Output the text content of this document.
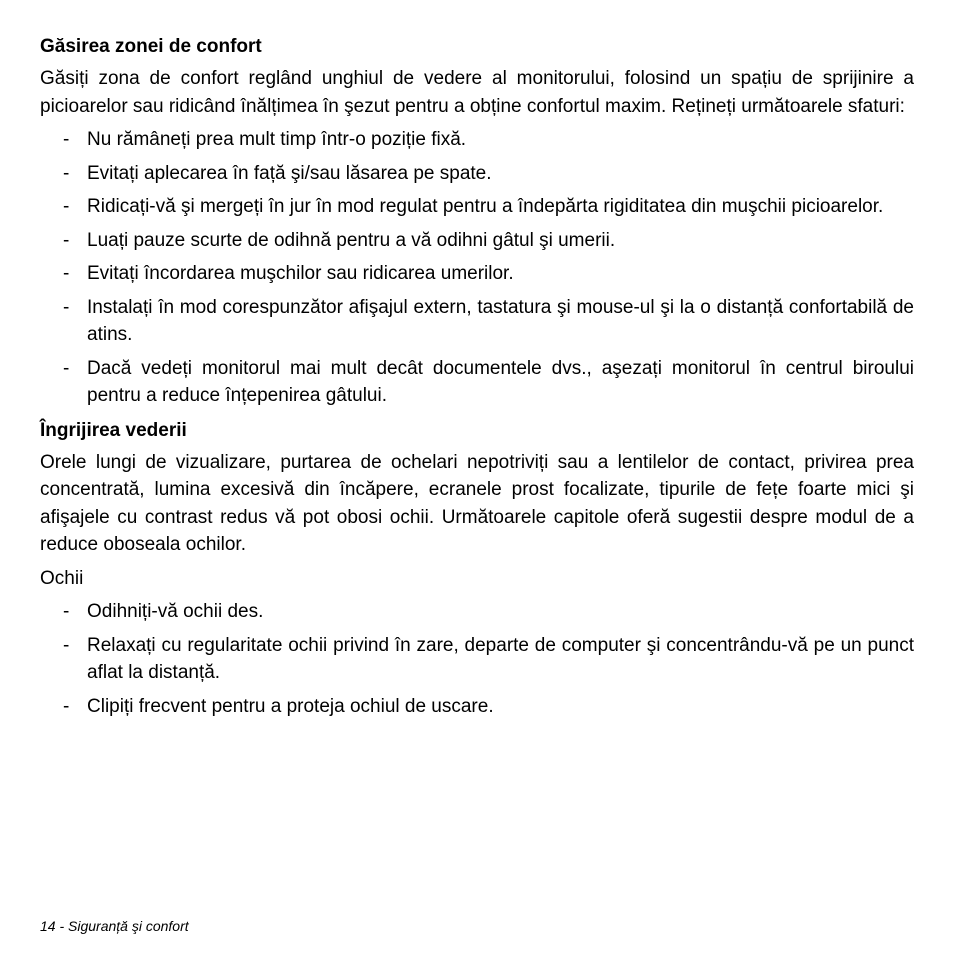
Găsirea zonei de confort

Găsiți zona de confort reglând unghiul de vedere al monitorului, folosind un spațiu de sprijinire a picioarelor sau ridicând înălțimea în şezut pentru a obține confortul maxim. Rețineți următoarele sfaturi:

- Nu rămâneți prea mult timp într-o poziție fixă.
- Evitați aplecarea în față şi/sau lăsarea pe spate.
- Ridicați-vă şi mergeți în jur în mod regulat pentru a îndepărta rigiditatea din muşchii picioarelor.
- Luați pauze scurte de odihnă pentru a vă odihni gâtul şi umerii.
- Evitați încordarea muşchilor sau ridicarea umerilor.
- Instalați în mod corespunzător afişajul extern, tastatura şi mouse-ul şi la o distanță confortabilă de atins.
- Dacă vedeți monitorul mai mult decât documentele dvs., aşezați monitorul în centrul biroului pentru a reduce înțepenirea gâtului.
Îngrijirea vederii

Orele lungi de vizualizare, purtarea de ochelari nepotriviți sau a lentilelor de contact, privirea prea concentrată, lumina excesivă din încăpere, ecranele prost focalizate, tipurile de fețe foarte mici şi afişajele cu contrast redus vă pot obosi ochii. Următoarele capitole oferă sugestii despre modul de a reduce oboseala ochilor.

Ochii

- Odihniți-vă ochii des.
- Relaxați cu regularitate ochii privind în zare, departe de computer şi concentrându-vă pe un punct aflat la distanță.
- Clipiți frecvent pentru a proteja ochiul de uscare.
14 - Siguranță şi confort
